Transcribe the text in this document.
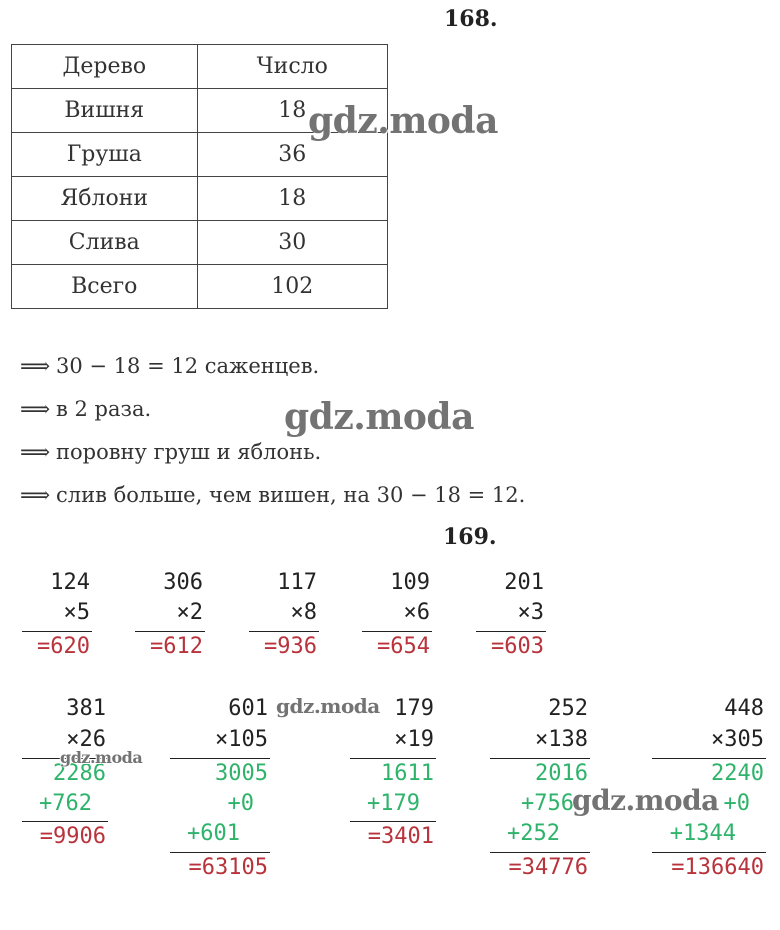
168.
Дерево	Число
Вишня	18
Груша	36
Яблони	18
Слива	30
Всего	102
⟹ 30 − 18 = 12 саженцев.
⟹ в 2 раза.
⟹ поровну груш и яблонь.
⟹ слив больше, чем вишен, на 30 − 18 = 12.
169.
124
×5
=620
306
×2
=612
117
×8
=936
109
×6
=654
201
×3
=603
381
×26
2286
+762
=9906
601
×105
3005
+0
+601
=63105
179
×19
1611
+179
=3401
252
×138
2016
+756
+252
=34776
448
×305
2240
+0
+1344
=136640
gdz.moda
gdz.moda
gdz.moda
gdz.moda
gdz.moda
